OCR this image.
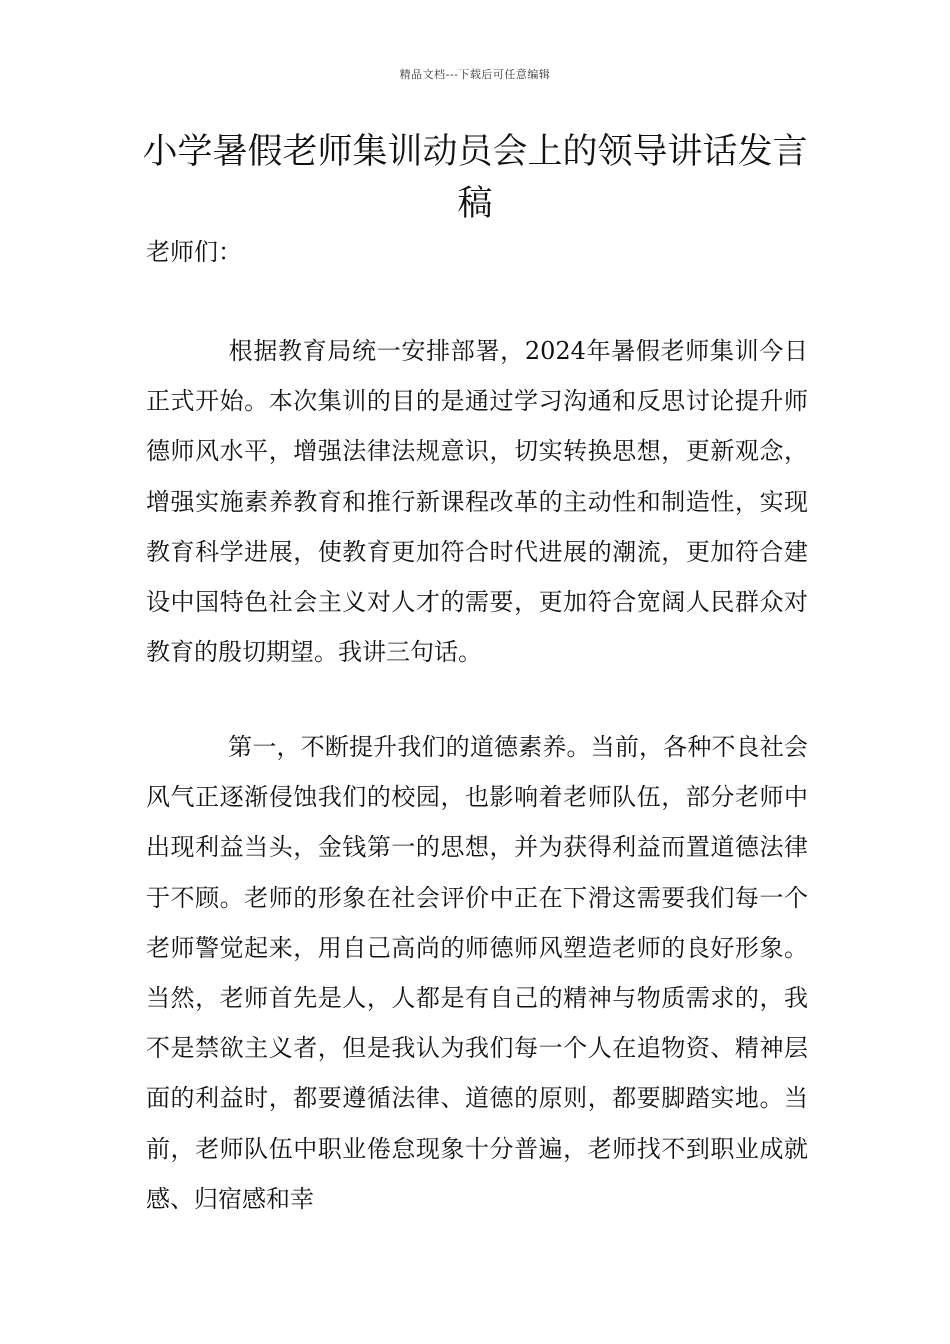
精品文档---下载后可任意编辑
小学暑假老师集训动员会上的领导讲话发言稿
老师们：

根据教育局统一安排部署，2024年暑假老师集训今日正式开始。本次集训的目的是通过学习沟通和反思讨论提升师德师风水平，增强法律法规意识，切实转换思想，更新观念，增强实施素养教育和推行新课程改革的主动性和制造性，实现教育科学进展，使教育更加符合时代进展的潮流，更加符合建设中国特色社会主义对人才的需要，更加符合宽阔人民群众对教育的殷切期望。我讲三句话。

第一，不断提升我们的道德素养。当前，各种不良社会风气正逐渐侵蚀我们的校园，也影响着老师队伍，部分老师中出现利益当头，金钱第一的思想，并为获得利益而置道德法律于不顾。老师的形象在社会评价中正在下滑这需要我们每一个老师警觉起来，用自己高尚的师德师风塑造老师的良好形象。当然，老师首先是人，人都是有自己的精神与物质需求的，我不是禁欲主义者，但是我认为我们每一个人在追物资、精神层面的利益时，都要遵循法律、道德的原则，都要脚踏实地。当前，老师队伍中职业倦怠现象十分普遍，老师找不到职业成就感、归宿感和幸
